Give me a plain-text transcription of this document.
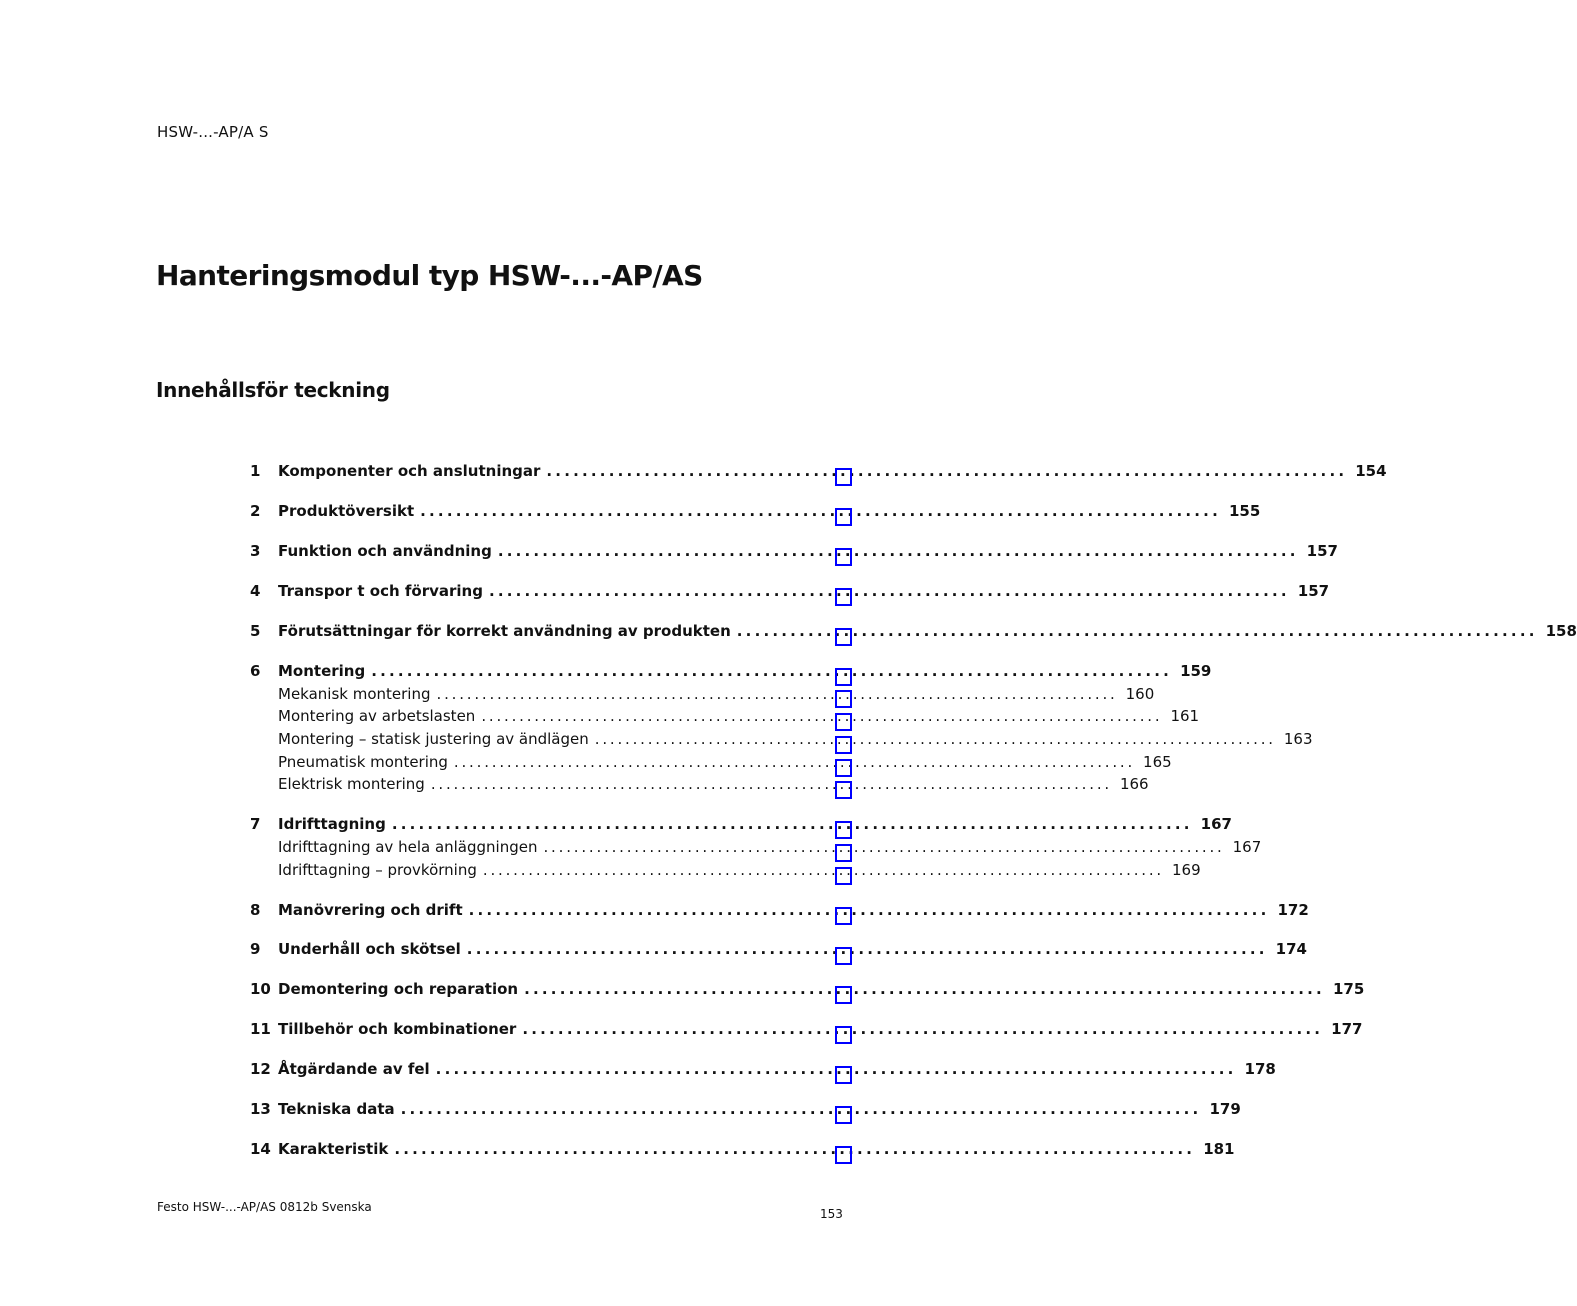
HSW-...-AP/A S
Hanteringsmodul typ HSW-...-AP/AS
Innehållsför teckning
1	Komponenter och anslutningar .......................................................................................... 154
2	Produktöversikt .......................................................................................... 155
3	Funktion och användning .......................................................................................... 157
4	Transpor t och förvaring .......................................................................................... 157
5	Förutsättningar för korrekt användning av produkten .......................................................................................... 158
6	Montering .......................................................................................... 159
Mekanisk montering .......................................................................................... 160
Montering av arbetslasten .......................................................................................... 161
Montering – statisk justering av ändlägen .......................................................................................... 163
Pneumatisk montering .......................................................................................... 165
Elektrisk montering .......................................................................................... 166
7	Idrifttagning .......................................................................................... 167
Idrifttagning av hela anläggningen .......................................................................................... 167
Idrifttagning – provkörning .......................................................................................... 169
8	Manövrering och drift .......................................................................................... 172
9	Underhåll och skötsel .......................................................................................... 174
10 Demontering och reparation .......................................................................................... 175
11 Tillbehör och kombinationer .......................................................................................... 177
12 Åtgärdande av fel .......................................................................................... 178
13 Tekniska data .......................................................................................... 179
14 Karakteristik .......................................................................................... 181
Festo HSW-...-AP/AS 0812b Svenska	153
